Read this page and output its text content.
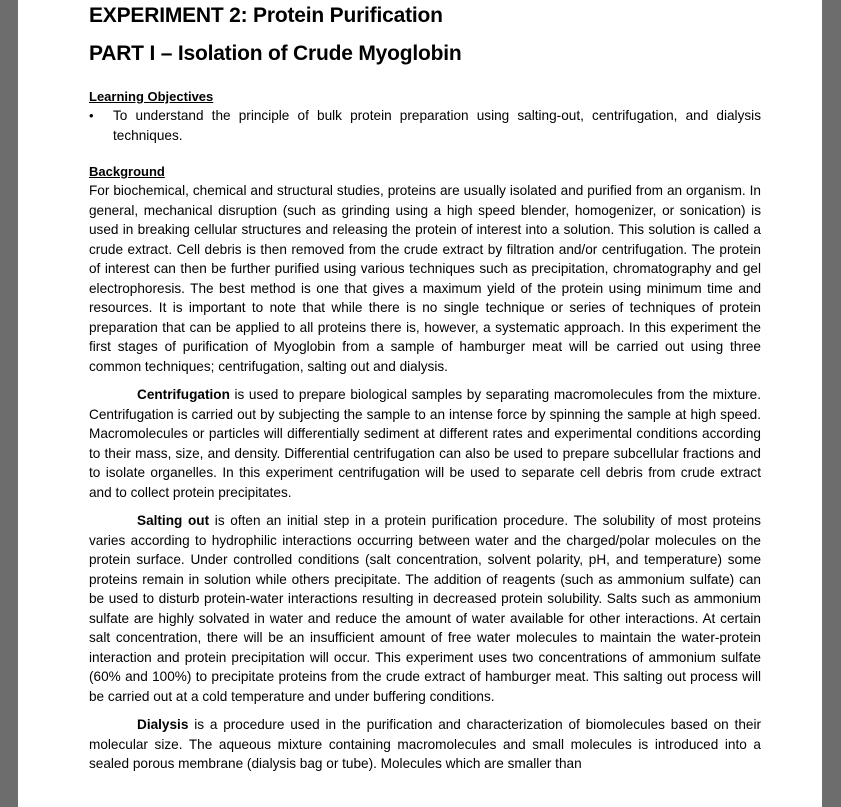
EXPERIMENT 2: Protein Purification
PART I – Isolation of Crude Myoglobin
Learning Objectives
• To understand the principle of bulk protein preparation using salting-out, centrifugation, and dialysis techniques.
Background

For biochemical, chemical and structural studies, proteins are usually isolated and purified from an organism. In general, mechanical disruption (such as grinding using a high speed blender, homogenizer, or sonication) is used in breaking cellular structures and releasing the protein of interest into a solution. This solution is called a crude extract. Cell debris is then removed from the crude extract by filtration and/or centrifugation. The protein of interest can then be further purified using various techniques such as precipitation, chromatography and gel electrophoresis. The best method is one that gives a maximum yield of the protein using minimum time and resources. It is important to note that while there is no single technique or series of techniques of protein preparation that can be applied to all proteins there is, however, a systematic approach. In this experiment the first stages of purification of Myoglobin from a sample of hamburger meat will be carried out using three common techniques; centrifugation, salting out and dialysis.

Centrifugation is used to prepare biological samples by separating macromolecules from the mixture. Centrifugation is carried out by subjecting the sample to an intense force by spinning the sample at high speed. Macromolecules or particles will differentially sediment at different rates and experimental conditions according to their mass, size, and density. Differential centrifugation can also be used to prepare subcellular fractions and to isolate organelles. In this experiment centrifugation will be used to separate cell debris from crude extract and to collect protein precipitates.

Salting out is often an initial step in a protein purification procedure. The solubility of most proteins varies according to hydrophilic interactions occurring between water and the charged/polar molecules on the protein surface. Under controlled conditions (salt concentration, solvent polarity, pH, and temperature) some proteins remain in solution while others precipitate. The addition of reagents (such as ammonium sulfate) can be used to disturb protein-water interactions resulting in decreased protein solubility. Salts such as ammonium sulfate are highly solvated in water and reduce the amount of water available for other interactions. At certain salt concentration, there will be an insufficient amount of free water molecules to maintain the water-protein interaction and protein precipitation will occur. This experiment uses two concentrations of ammonium sulfate (60% and 100%) to precipitate proteins from the crude extract of hamburger meat. This salting out process will be carried out at a cold temperature and under buffering conditions.

Dialysis is a procedure used in the purification and characterization of biomolecules based on their molecular size. The aqueous mixture containing macromolecules and small molecules is introduced into a sealed porous membrane (dialysis bag or tube). Molecules which are smaller than
